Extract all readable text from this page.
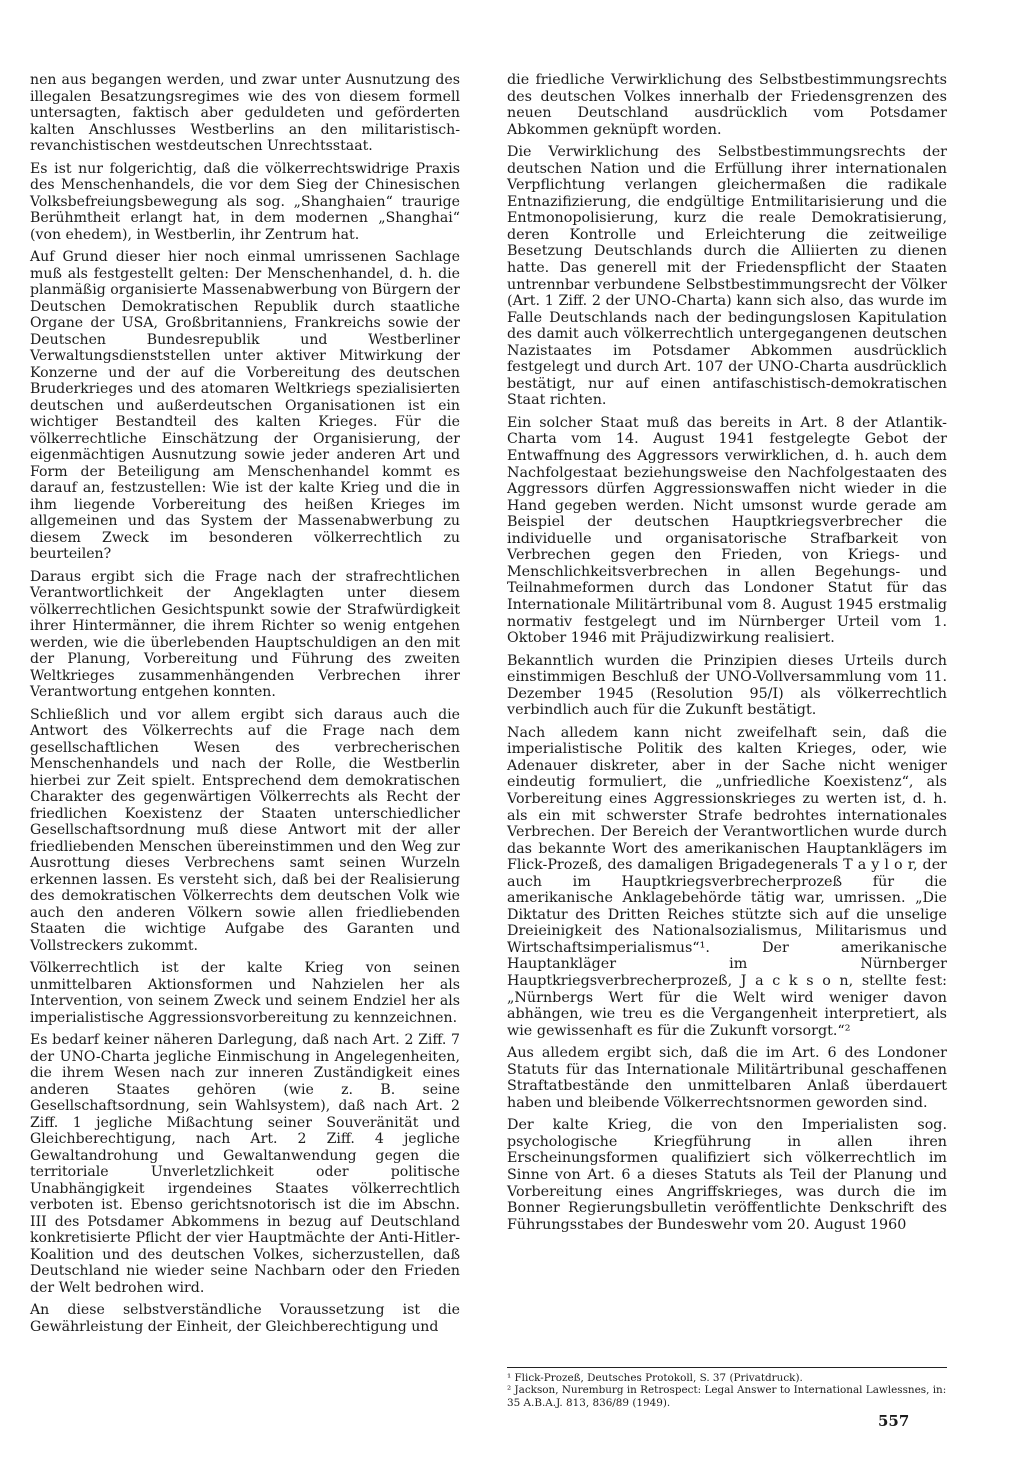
nen aus begangen werden, und zwar unter Ausnutzung des illegalen Besatzungsregimes wie des von diesem formell untersagten, faktisch aber geduldeten und geförderten kalten Anschlusses Westberlins an den militaristisch-revanchistischen westdeutschen Unrechtsstaat.

Es ist nur folgerichtig, daß die völkerrechtswidrige Praxis des Menschenhandels, die vor dem Sieg der Chinesischen Volksbefreiungsbewegung als sog. „Shanghaien“ traurige Berühmtheit erlangt hat, in dem modernen „Shanghai“ (von ehedem), in Westberlin, ihr Zentrum hat.

Auf Grund dieser hier noch einmal umrissenen Sachlage muß als festgestellt gelten: Der Menschenhandel, d. h. die planmäßig organisierte Massenabwerbung von Bürgern der Deutschen Demokratischen Republik durch staatliche Organe der USA, Großbritanniens, Frankreichs sowie der Deutschen Bundesrepublik und Westberliner Verwaltungsdienststellen unter aktiver Mitwirkung der Konzerne und der auf die Vorbereitung des deutschen Bruderkrieges und des atomaren Weltkriegs spezialisierten deutschen und außerdeutschen Organisationen ist ein wichtiger Bestandteil des kalten Krieges. Für die völkerrechtliche Einschätzung der Organisierung, der eigenmächtigen Ausnutzung sowie jeder anderen Art und Form der Beteiligung am Menschenhandel kommt es darauf an, festzustellen: Wie ist der kalte Krieg und die in ihm liegende Vorbereitung des heißen Krieges im allgemeinen und das System der Massenabwerbung zu diesem Zweck im besonderen völkerrechtlich zu beurteilen?

Daraus ergibt sich die Frage nach der strafrechtlichen Verantwortlichkeit der Angeklagten unter diesem völkerrechtlichen Gesichtspunkt sowie der Strafwürdigkeit ihrer Hintermänner, die ihrem Richter so wenig entgehen werden, wie die überlebenden Hauptschuldigen an den mit der Planung, Vorbereitung und Führung des zweiten Weltkrieges zusammenhängenden Verbrechen ihrer Verantwortung entgehen konnten.

Schließlich und vor allem ergibt sich daraus auch die Antwort des Völkerrechts auf die Frage nach dem gesellschaftlichen Wesen des verbrecherischen Menschenhandels und nach der Rolle, die Westberlin hierbei zur Zeit spielt. Entsprechend dem demokratischen Charakter des gegenwärtigen Völkerrechts als Recht der friedlichen Koexistenz der Staaten unterschiedlicher Gesellschaftsordnung muß diese Antwort mit der aller friedliebenden Menschen übereinstimmen und den Weg zur Ausrottung dieses Verbrechens samt seinen Wurzeln erkennen lassen. Es versteht sich, daß bei der Realisierung des demokratischen Völkerrechts dem deutschen Volk wie auch den anderen Völkern sowie allen friedliebenden Staaten die wichtige Aufgabe des Garanten und Vollstreckers zukommt.

Völkerrechtlich ist der kalte Krieg von seinen unmittelbaren Aktionsformen und Nahzielen her als Intervention, von seinem Zweck und seinem Endziel her als imperialistische Aggressionsvorbereitung zu kennzeichnen.

Es bedarf keiner näheren Darlegung, daß nach Art. 2 Ziff. 7 der UNO-Charta jegliche Einmischung in Angelegenheiten, die ihrem Wesen nach zur inneren Zuständigkeit eines anderen Staates gehören (wie z. B. seine Gesellschaftsordnung, sein Wahlsystem), daß nach Art. 2 Ziff. 1 jegliche Mißachtung seiner Souveränität und Gleichberechtigung, nach Art. 2 Ziff. 4 jegliche Gewaltandrohung und Gewaltanwendung gegen die territoriale Unverletzlichkeit oder politische Unabhängigkeit irgendeines Staates völkerrechtlich verboten ist. Ebenso gerichtsnotorisch ist die im Abschn. III des Potsdamer Abkommens in bezug auf Deutschland konkretisierte Pflicht der vier Hauptmächte der Anti-Hitler-Koalition und des deutschen Volkes, sicherzustellen, daß Deutschland nie wieder seine Nachbarn oder den Frieden der Welt bedrohen wird.

An diese selbstverständliche Voraussetzung ist die Gewährleistung der Einheit, der Gleichberechtigung und

die friedliche Verwirklichung des Selbstbestimmungsrechts des deutschen Volkes innerhalb der Friedensgrenzen des neuen Deutschland ausdrücklich vom Potsdamer Abkommen geknüpft worden.

Die Verwirklichung des Selbstbestimmungsrechts der deutschen Nation und die Erfüllung ihrer internationalen Verpflichtung verlangen gleichermaßen die radikale Entnazifizierung, die endgültige Entmilitarisierung und die Entmonopolisierung, kurz die reale Demokratisierung, deren Kontrolle und Erleichterung die zeitweilige Besetzung Deutschlands durch die Alliierten zu dienen hatte. Das generell mit der Friedenspflicht der Staaten untrennbar verbundene Selbstbestimmungsrecht der Völker (Art. 1 Ziff. 2 der UNO-Charta) kann sich also, das wurde im Falle Deutschlands nach der bedingungslosen Kapitulation des damit auch völkerrechtlich untergegangenen deutschen Nazistaates im Potsdamer Abkommen ausdrücklich festgelegt und durch Art. 107 der UNO-Charta ausdrücklich bestätigt, nur auf einen antifaschistisch-demokratischen Staat richten.

Ein solcher Staat muß das bereits in Art. 8 der Atlantik-Charta vom 14. August 1941 festgelegte Gebot der Entwaffnung des Aggressors verwirklichen, d. h. auch dem Nachfolgestaat beziehungsweise den Nachfolgestaaten des Aggressors dürfen Aggressionswaffen nicht wieder in die Hand gegeben werden. Nicht umsonst wurde gerade am Beispiel der deutschen Hauptkriegsverbrecher die individuelle und organisatorische Strafbarkeit von Verbrechen gegen den Frieden, von Kriegs- und Menschlichkeitsverbrechen in allen Begehungs- und Teilnahmeformen durch das Londoner Statut für das Internationale Militärtribunal vom 8. August 1945 erstmalig normativ festgelegt und im Nürnberger Urteil vom 1. Oktober 1946 mit Präjudizwirkung realisiert.

Bekanntlich wurden die Prinzipien dieses Urteils durch einstimmigen Beschluß der UNO-Vollversammlung vom 11. Dezember 1945 (Resolution 95/I) als völkerrechtlich verbindlich auch für die Zukunft bestätigt.

Nach alledem kann nicht zweifelhaft sein, daß die imperialistische Politik des kalten Krieges, oder, wie Adenauer diskreter, aber in der Sache nicht weniger eindeutig formuliert, die „unfriedliche Koexistenz“, als Vorbereitung eines Aggressionskrieges zu werten ist, d. h. als ein mit schwerster Strafe bedrohtes internationales Verbrechen. Der Bereich der Verantwortlichen wurde durch das bekannte Wort des amerikanischen Hauptanklägers im Flick-Prozeß, des damaligen Brigadegenerals T a y l o r, der auch im Hauptkriegsverbrecherprozeß für die amerikanische Anklagebehörde tätig war, umrissen. „Die Diktatur des Dritten Reiches stützte sich auf die unselige Dreieinigkeit des Nationalsozialismus, Militarismus und Wirtschaftsimperialismus“¹. Der amerikanische Hauptankläger im Nürnberger Hauptkriegsverbrecherprozeß, J a c k s o n, stellte fest: „Nürnbergs Wert für die Welt wird weniger davon abhängen, wie treu es die Vergangenheit interpretiert, als wie gewissenhaft es für die Zukunft vorsorgt.“²

Aus alledem ergibt sich, daß die im Art. 6 des Londoner Statuts für das Internationale Militärtribunal geschaffenen Straftatbestände den unmittelbaren Anlaß überdauert haben und bleibende Völkerrechtsnormen geworden sind.

Der kalte Krieg, die von den Imperialisten sog. psychologische Kriegführung in allen ihren Erscheinungsformen qualifiziert sich völkerrechtlich im Sinne von Art. 6 a dieses Statuts als Teil der Planung und Vorbereitung eines Angriffskrieges, was durch die im Bonner Regierungsbulletin veröffentlichte Denkschrift des Führungsstabes der Bundeswehr vom 20. August 1960

¹ Flick-Prozeß, Deutsches Protokoll, S. 37 (Privatdruck).
² Jackson, Nuremburg in Retrospect: Legal Answer to International Lawlessnes, in: 35 A.B.A.J. 813, 836/89 (1949).
557
